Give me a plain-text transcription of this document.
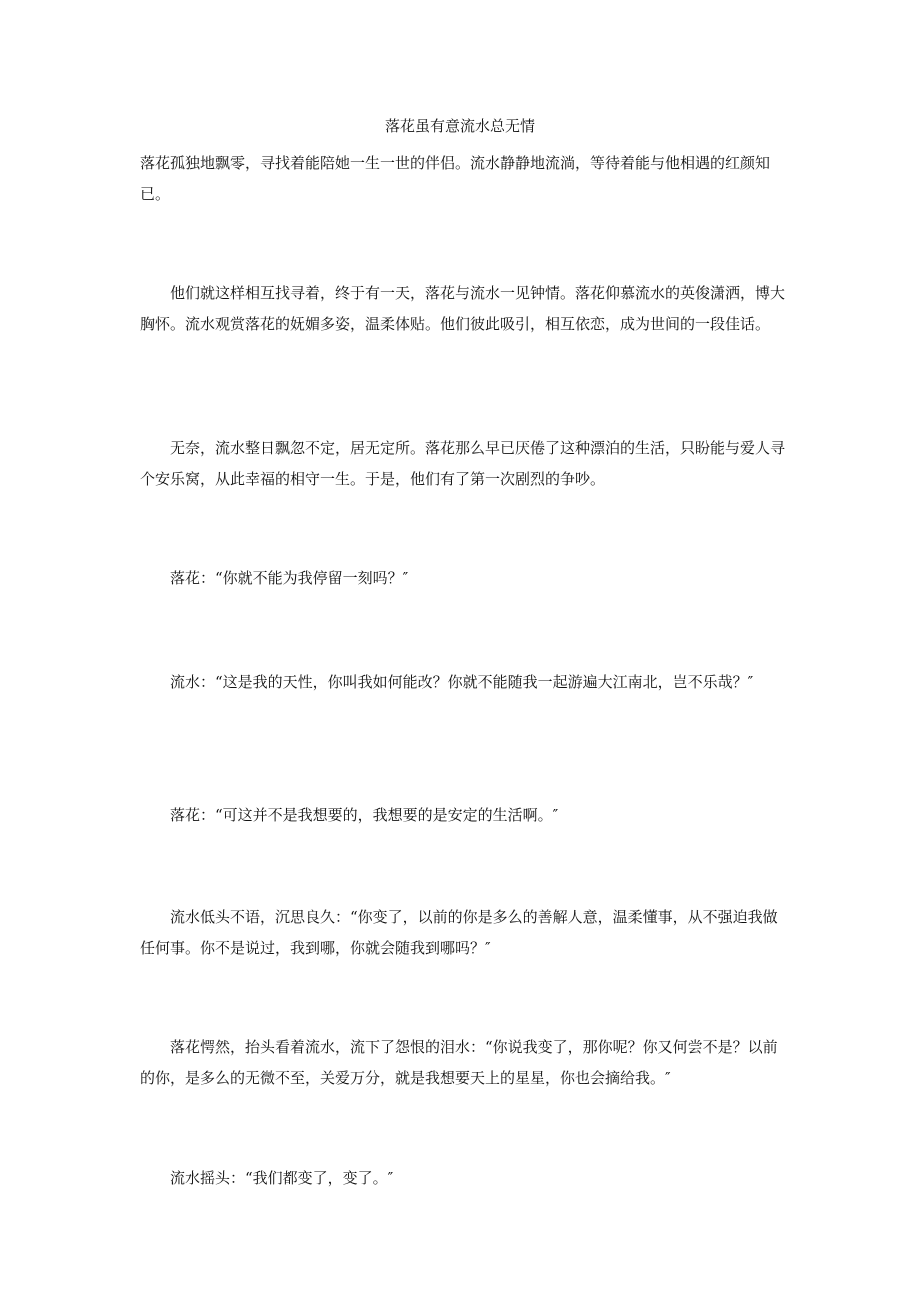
落花虽有意流水总无情

落花孤独地飘零，寻找着能陪她一生一世的伴侣。流水静静地流淌，等待着能与他相遇的红颜知已。

　　他们就这样相互找寻着，终于有一天，落花与流水一见钟情。落花仰慕流水的英俊潇洒，博大胸怀。流水观赏落花的妩媚多姿，温柔体贴。他们彼此吸引，相互依恋，成为世间的一段佳话。

　　无奈，流水整日飘忽不定，居无定所。落花那么早已厌倦了这种漂泊的生活，只盼能与爱人寻个安乐窝，从此幸福的相守一生。于是，他们有了第一次剧烈的争吵。

　　落花：“你就不能为我停留一刻吗？″

　　流水：“这是我的天性，你叫我如何能改？你就不能随我一起游遍大江南北，岂不乐哉？″

　　落花：“可这并不是我想要的，我想要的是安定的生活啊。″

　　流水低头不语，沉思良久：“你变了，以前的你是多么的善解人意，温柔懂事，从不强迫我做任何事。你不是说过，我到哪，你就会随我到哪吗？″

　　落花愕然，抬头看着流水，流下了怨恨的泪水：“你说我变了，那你呢？你又何尝不是？以前的你，是多么的无微不至，关爱万分，就是我想要天上的星星，你也会摘给我。″

　　流水摇头：“我们都变了，变了。″
